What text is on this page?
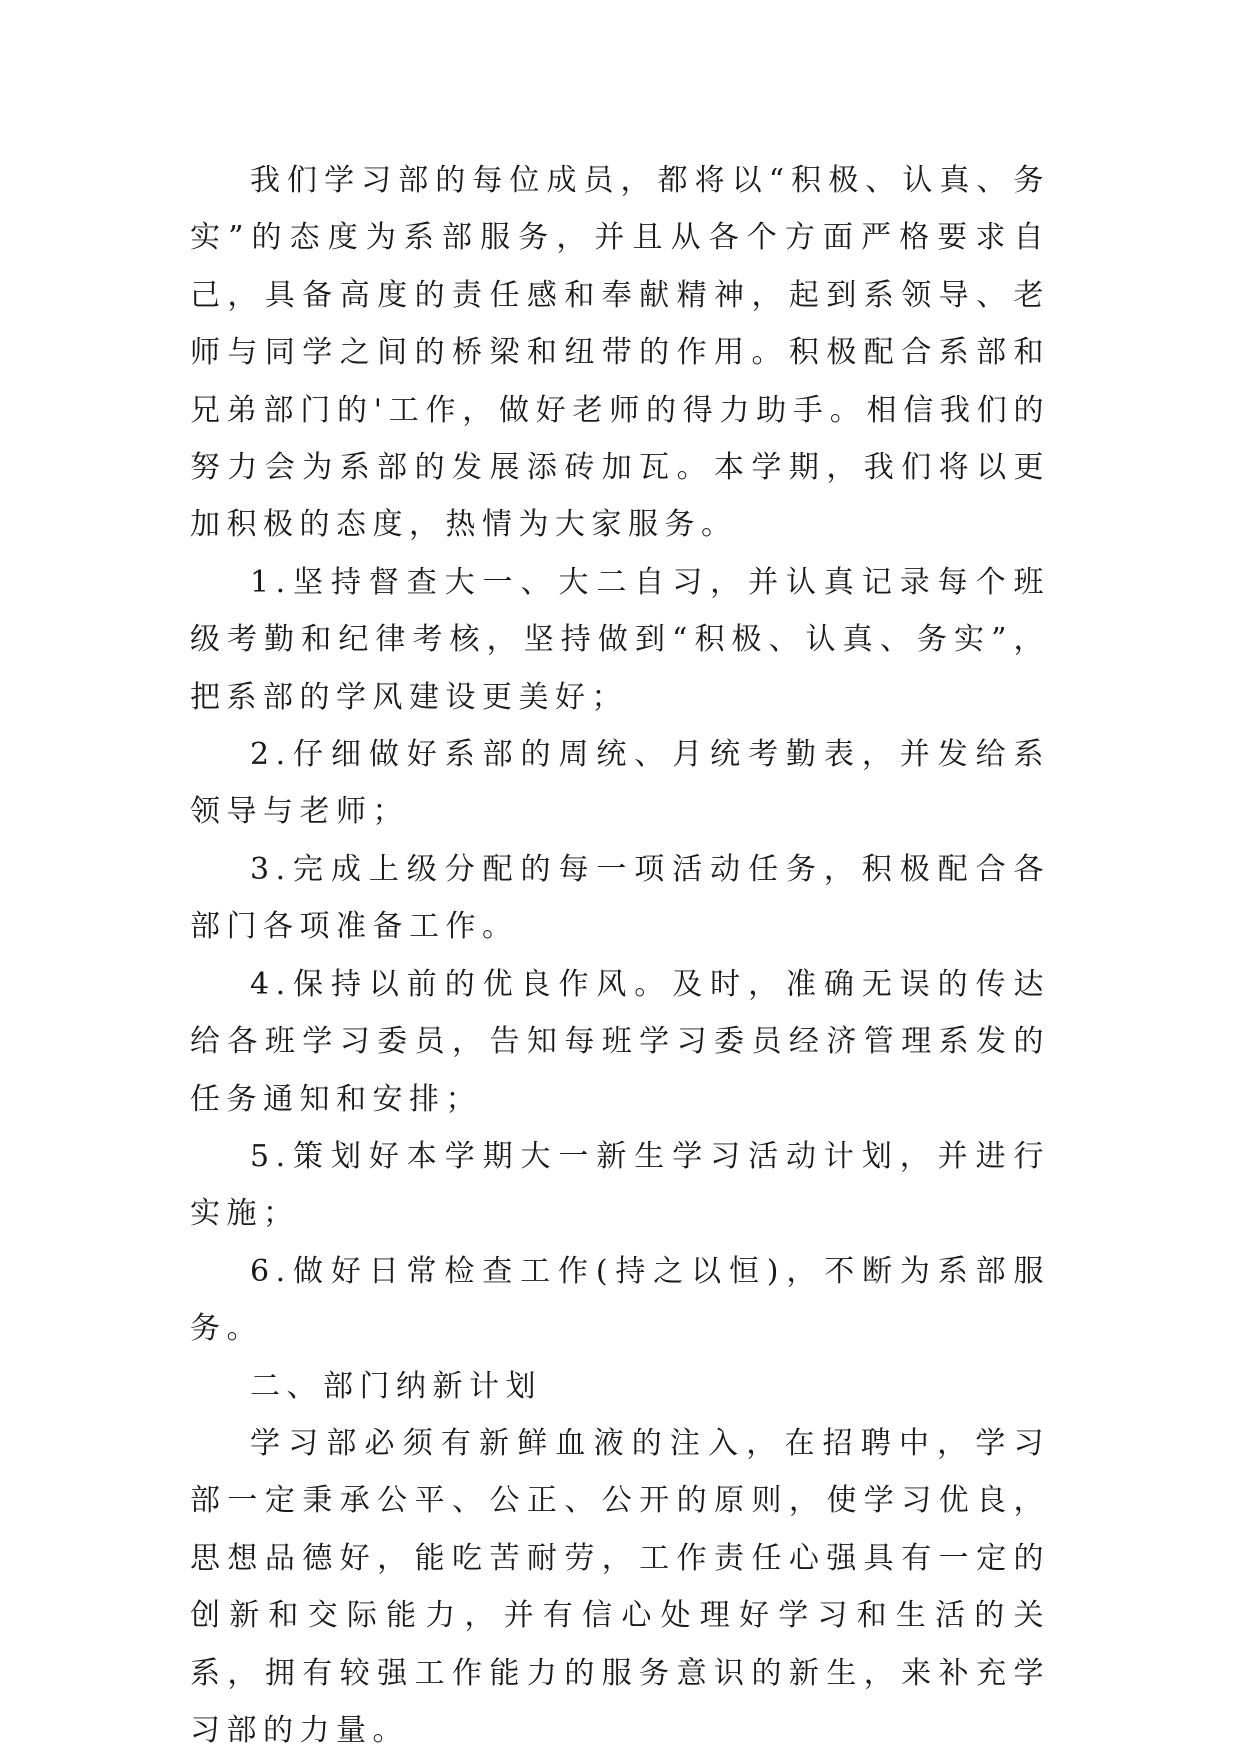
我们学习部的每位成员，都将以“积极、认真、务实”的态度为系部服务，并且从各个方面严格要求自己，具备高度的责任感和奉献精神，起到系领导、老师与同学之间的桥梁和纽带的作用。积极配合系部和兄弟部门的'工作，做好老师的得力助手。相信我们的努力会为系部的发展添砖加瓦。本学期，我们将以更加积极的态度，热情为大家服务。

1.坚持督查大一、大二自习，并认真记录每个班级考勤和纪律考核，坚持做到“积极、认真、务实”，把系部的学风建设更美好；

2.仔细做好系部的周统、月统考勤表，并发给系领导与老师；

3.完成上级分配的每一项活动任务，积极配合各部门各项准备工作。

4.保持以前的优良作风。及时，准确无误的传达给各班学习委员，告知每班学习委员经济管理系发的任务通知和安排；

5.策划好本学期大一新生学习活动计划，并进行实施；

6.做好日常检查工作(持之以恒)，不断为系部服务。

二、部门纳新计划

学习部必须有新鲜血液的注入，在招聘中，学习部一定秉承公平、公正、公开的原则，使学习优良，思想品德好，能吃苦耐劳，工作责任心强具有一定的创新和交际能力，并有信心处理好学习和生活的关系，拥有较强工作能力的服务意识的新生，来补充学习部的力量。
